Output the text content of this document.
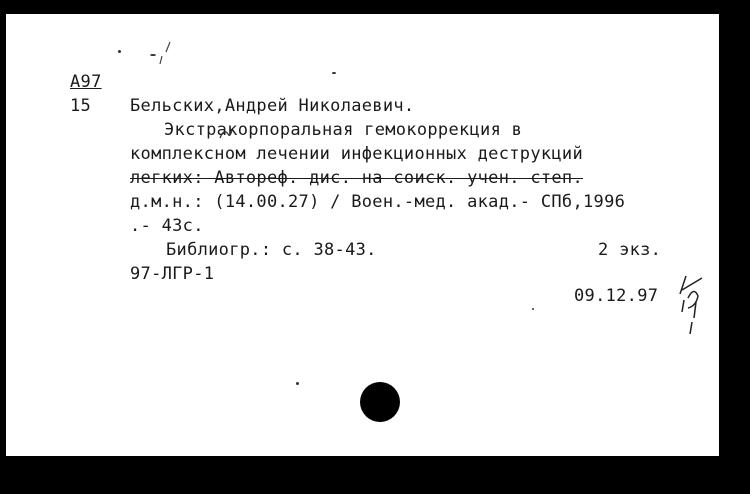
А97
15 Бельских,Андрей Николаевич.
Экстракорпоральная гемокоррекция в
комплексном лечении инфекционных деструкций
легких: Автореф. дис. на соиск. учен. степ.
д.м.н.: (14.00.27) / Воен.-мед. акад.- СПб,1996
.- 43с.
Библиогр.: с. 38-43.	2 экз.
97-ЛГР-1
09.12.97
